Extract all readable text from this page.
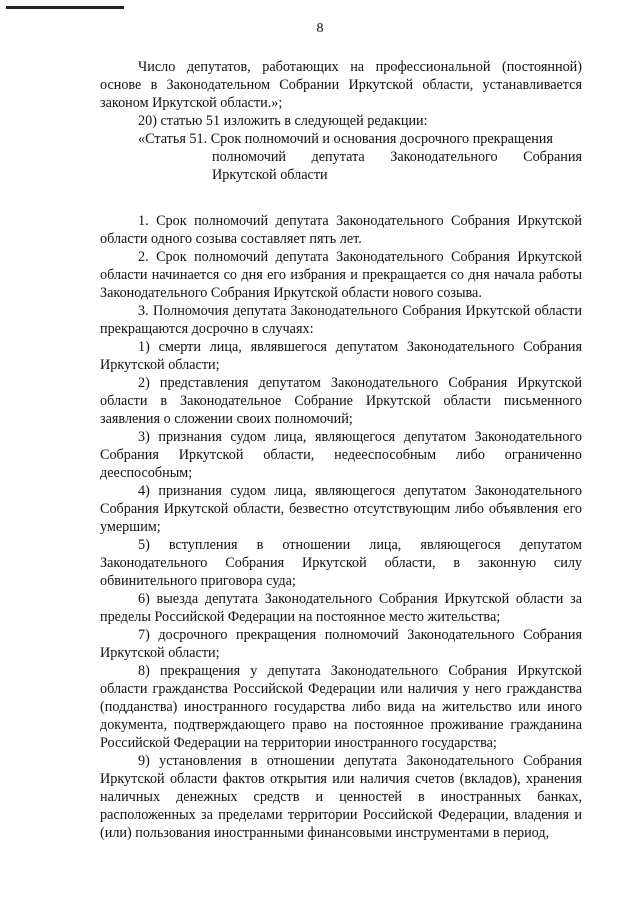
8

Число депутатов, работающих на профессиональной (постоянной) основе в Законодательном Собрании Иркутской области, устанавливается законом Иркутской области.»;

20) статью 51 изложить в следующей редакции:

«Статья 51. Срок полномочий и основания досрочного прекращения
полномочий депутата Законодательного Собрания Иркутской области

1. Срок полномочий депутата Законодательного Собрания Иркутской области одного созыва составляет пять лет.

2. Срок полномочий депутата Законодательного Собрания Иркутской области начинается со дня его избрания и прекращается со дня начала работы Законодательного Собрания Иркутской области нового созыва.

3. Полномочия депутата Законодательного Собрания Иркутской области прекращаются досрочно в случаях:

1) смерти лица, являвшегося депутатом Законодательного Собрания Иркутской области;

2) представления депутатом Законодательного Собрания Иркутской области в Законодательное Собрание Иркутской области письменного заявления о сложении своих полномочий;

3) признания судом лица, являющегося депутатом Законодательного Собрания Иркутской области, недееспособным либо ограниченно дееспособным;

4) признания судом лица, являющегося депутатом Законодательного Собрания Иркутской области, безвестно отсутствующим либо объявления его умершим;

5) вступления в отношении лица, являющегося депутатом Законодательного Собрания Иркутской области, в законную силу обвинительного приговора суда;

6) выезда депутата Законодательного Собрания Иркутской области за пределы Российской Федерации на постоянное место жительства;

7) досрочного прекращения полномочий Законодательного Собрания Иркутской области;

8) прекращения у депутата Законодательного Собрания Иркутской области гражданства Российской Федерации или наличия у него гражданства (подданства) иностранного государства либо вида на жительство или иного документа, подтверждающего право на постоянное проживание гражданина Российской Федерации на территории иностранного государства;

9) установления в отношении депутата Законодательного Собрания Иркутской области фактов открытия или наличия счетов (вкладов), хранения наличных денежных средств и ценностей в иностранных банках, расположенных за пределами территории Российской Федерации, владения и (или) пользования иностранными финансовыми инструментами в период,
